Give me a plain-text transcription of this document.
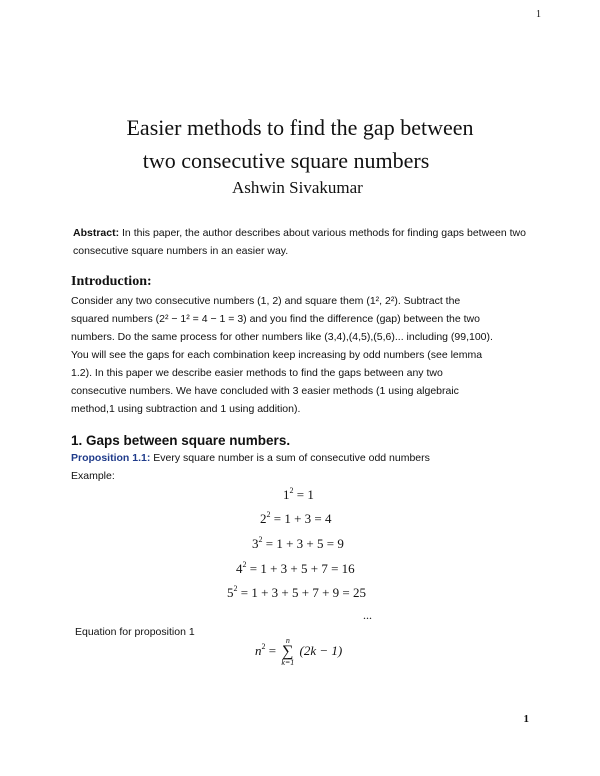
1
Easier methods to find the gap between
two consecutive square numbers
Ashwin Sivakumar
Abstract: In this paper, the author describes about various methods for finding gaps between two consecutive square numbers in an easier way.
Introduction:

Consider any two consecutive numbers (1, 2) and square them (1², 2²). Subtract the

squared numbers (2² − 1² = 4 − 1 = 3) and you find the difference (gap) between the two

numbers. Do the same process for other numbers like (3,4),(4,5),(5,6)... including (99,100).

You will see the gaps for each combination keep increasing by odd numbers (see lemma

1.2). In this paper we describe easier methods to find the gaps between any two

consecutive numbers. We have concluded with 3 easier methods (1 using algebraic

method,1 using subtraction and 1 using addition).

1. Gaps between square numbers.
Proposition 1.1: Every square number is a sum of consecutive odd numbers
Example:
$1^2 = 1$
$2^2 = 1 + 3 = 4$
$3^2 = 1 + 3 + 5 = 9$
$4^2 = 1 + 3 + 5 + 7 = 16$
$5^2 = 1 + 3 + 5 + 7 + 9 = 25$
...
Equation for proposition 1
$n^2$ =
n
∑
k=1
(2k − 1)
1
